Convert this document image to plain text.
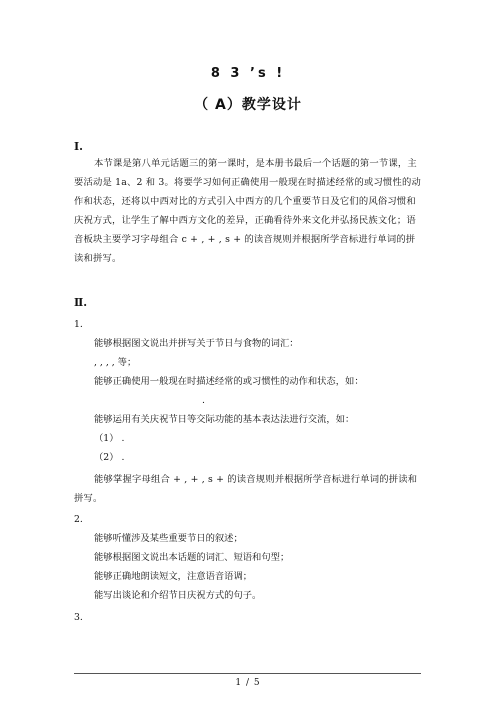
8 3 ’s !
（ A）教学设计
Ⅰ.

本节课是第八单元话题三的第一课时，是本册书最后一个话题的第一节课，主要活动是 1a、2 和 3。将要学习如何正确使用一般现在时描述经常的或习惯性的动作和状态，还将以中西对比的方式引入中西方的几个重要节日及它们的风俗习惯和庆祝方式，让学生了解中西方文化的差异，正确看待外来文化并弘扬民族文化；语音板块主要学习字母组合 c + , + , s + 的读音规则并根据所学音标进行单词的拼读和拼写。

Ⅱ.
1.
能够根据图文说出并拼写关于节日与食物的词汇：
, , , , 等；
能够正确使用一般现在时描述经常的或习惯性的动作和状态，如：
.
能够运用有关庆祝节日等交际功能的基本表达法进行交流，如：
（1） .
（2） .

能够掌握字母组合 + , + , s + 的读音规则并根据所学音标进行单词的拼读和拼写。

2.
能够听懂涉及某些重要节日的叙述；
能够根据图文说出本话题的词汇、短语和句型；
能够正确地朗读短文，注意语音语调；
能写出谈论和介绍节日庆祝方式的句子。
3.
1 / 5
